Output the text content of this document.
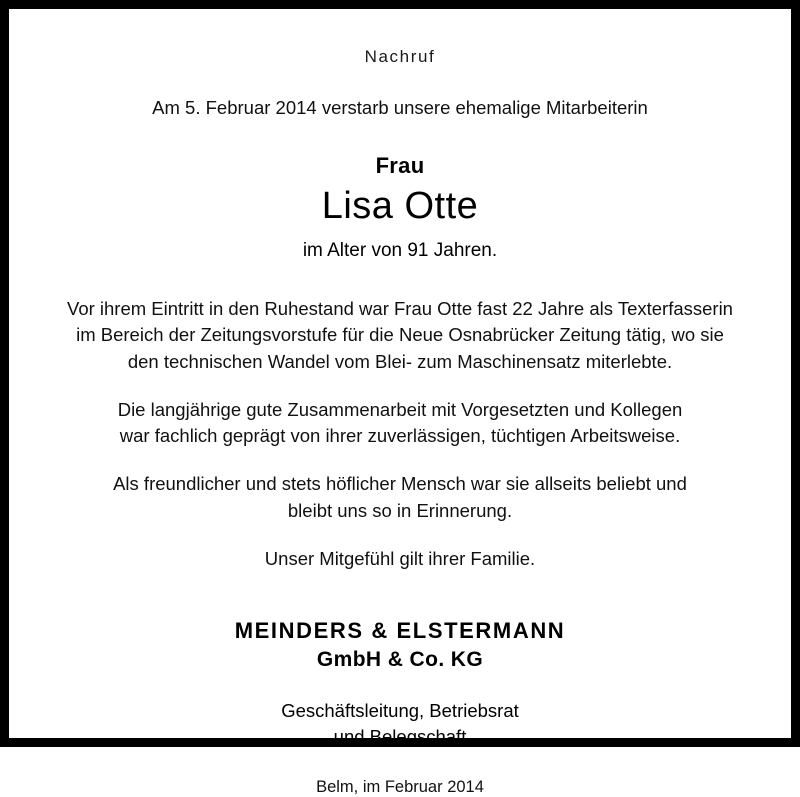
Nachruf
Am 5. Februar 2014 verstarb unsere ehemalige Mitarbeiterin
Frau
Lisa Otte
im Alter von 91 Jahren.
Vor ihrem Eintritt in den Ruhestand war Frau Otte fast 22 Jahre als Texterfasserin
im Bereich der Zeitungsvorstufe für die Neue Osnabrücker Zeitung tätig, wo sie
den technischen Wandel vom Blei- zum Maschinensatz miterlebte.
Die langjährige gute Zusammenarbeit mit Vorgesetzten und Kollegen
war fachlich geprägt von ihrer zuverlässigen, tüchtigen Arbeitsweise.
Als freundlicher und stets höflicher Mensch war sie allseits beliebt und
bleibt uns so in Erinnerung.
Unser Mitgefühl gilt ihrer Familie.
MEINDERS & ELSTERMANN
GmbH & Co. KG
Geschäftsleitung, Betriebsrat
und Belegschaft
Belm, im Februar 2014
